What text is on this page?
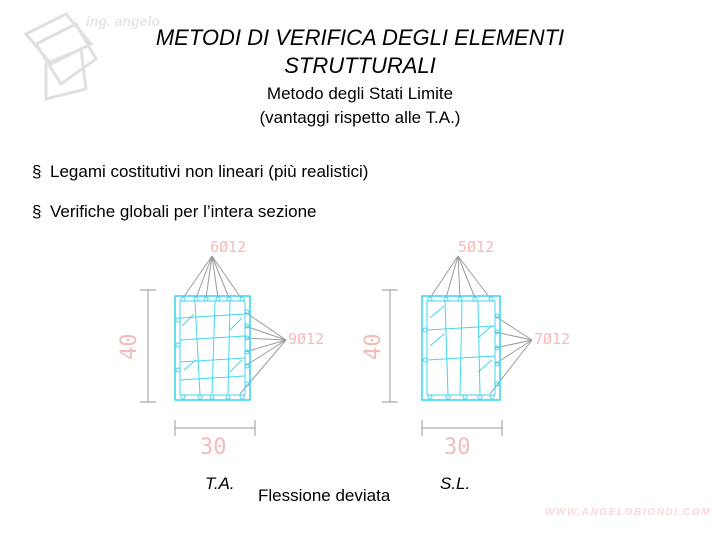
ing. angelo
METODI DI VERIFICA DEGLI ELEMENTI
STRUTTURALI
Metodo degli Stati Limite
(vantaggi rispetto alle T.A.)
§ Legami costitutivi non lineari (più realistici)
§ Verifiche globali per l’intera sezione
40
30
6Ø12
9Ø12 40
30
5Ø12
7Ø12
T.A.
Flessione deviata
S.L.
WWW.ANGELOBIONDI.COM
